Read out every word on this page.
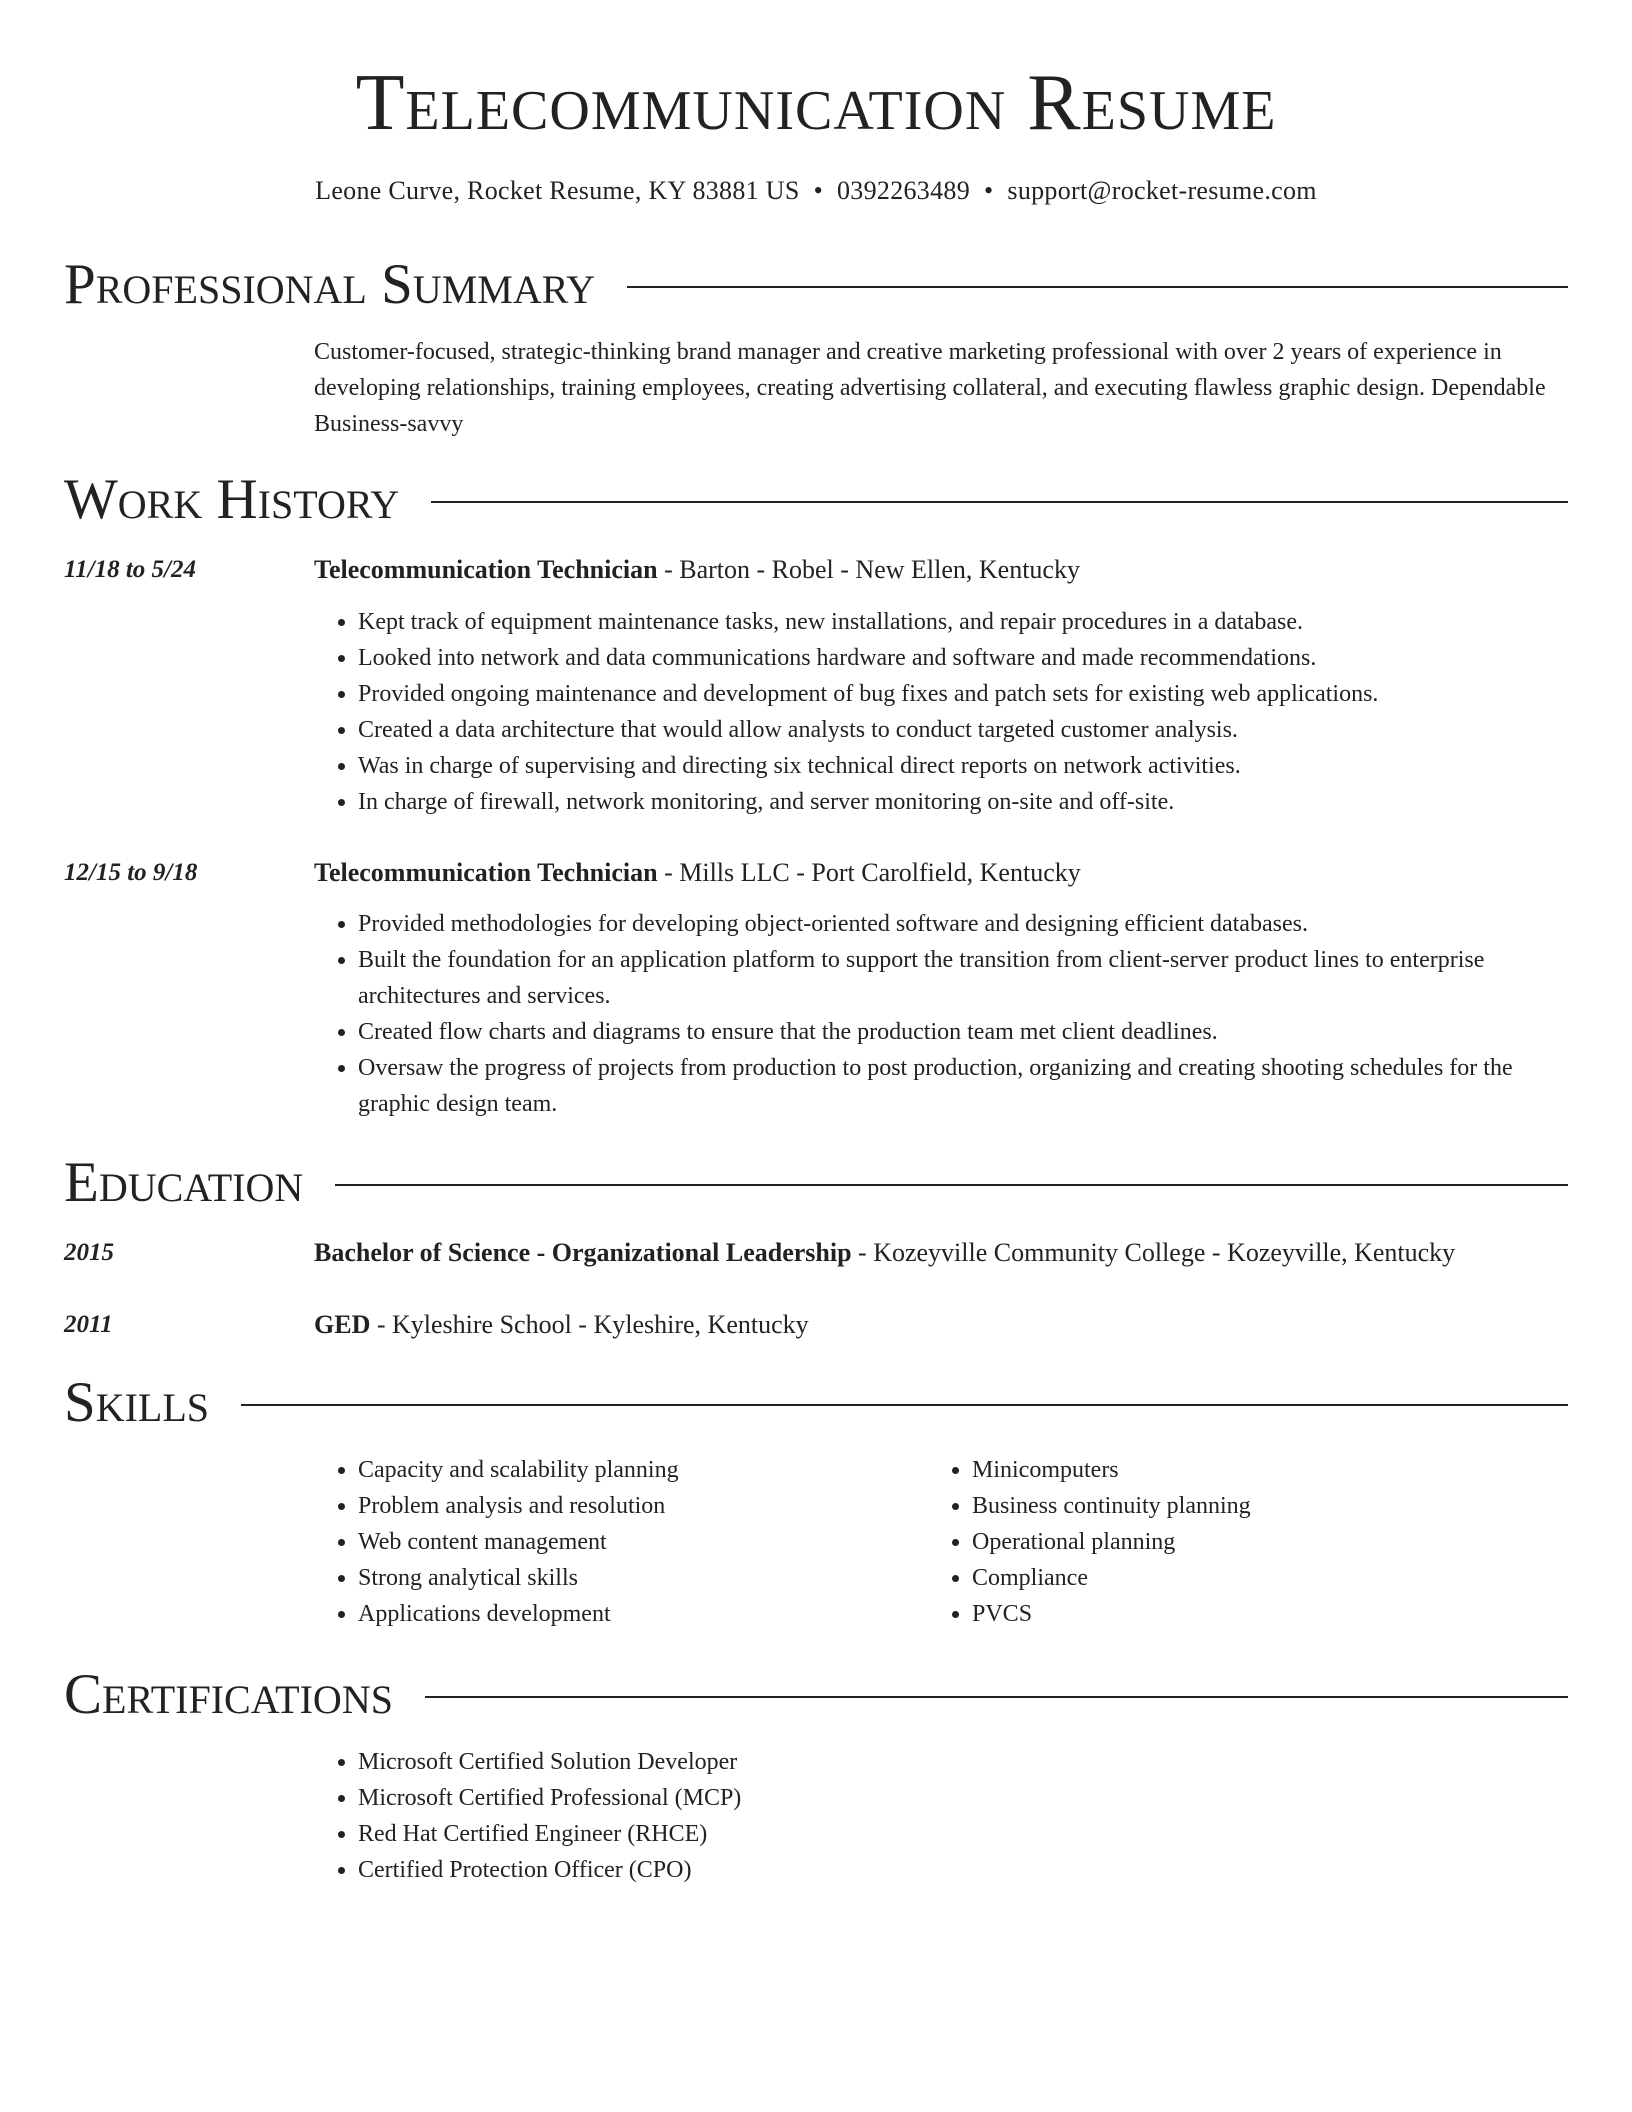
Telecommunication Resume
Leone Curve, Rocket Resume, KY 83881 US • 0392263489 • support@rocket-resume.com
Professional Summary
Customer-focused, strategic-thinking brand manager and creative marketing professional with over 2 years of experience in developing relationships, training employees, creating advertising collateral, and executing flawless graphic design. Dependable Business-savvy
Work History
11/18 to 5/24	Telecommunication Technician - Barton - Robel - New Ellen, Kentucky
• Kept track of equipment maintenance tasks, new installations, and repair procedures in a database.
• Looked into network and data communications hardware and software and made recommendations.
• Provided ongoing maintenance and development of bug fixes and patch sets for existing web applications.
• Created a data architecture that would allow analysts to conduct targeted customer analysis.
• Was in charge of supervising and directing six technical direct reports on network activities.
• In charge of firewall, network monitoring, and server monitoring on-site and off-site.
12/15 to 9/18	Telecommunication Technician - Mills LLC - Port Carolfield, Kentucky
• Provided methodologies for developing object-oriented software and designing efficient databases.
• Built the foundation for an application platform to support the transition from client-server product lines to enterprise architectures and services.
• Created flow charts and diagrams to ensure that the production team met client deadlines.
• Oversaw the progress of projects from production to post production, organizing and creating shooting schedules for the graphic design team.
Education
2015	Bachelor of Science - Organizational Leadership - Kozeyville Community College - Kozeyville, Kentucky
2011	GED - Kyleshire School - Kyleshire, Kentucky
Skills
• Capacity and scalability planning
• Problem analysis and resolution
• Web content management
• Strong analytical skills
• Applications development
• Minicomputers
• Business continuity planning
• Operational planning
• Compliance
• PVCS
Certifications
• Microsoft Certified Solution Developer
• Microsoft Certified Professional (MCP)
• Red Hat Certified Engineer (RHCE)
• Certified Protection Officer (CPO)
